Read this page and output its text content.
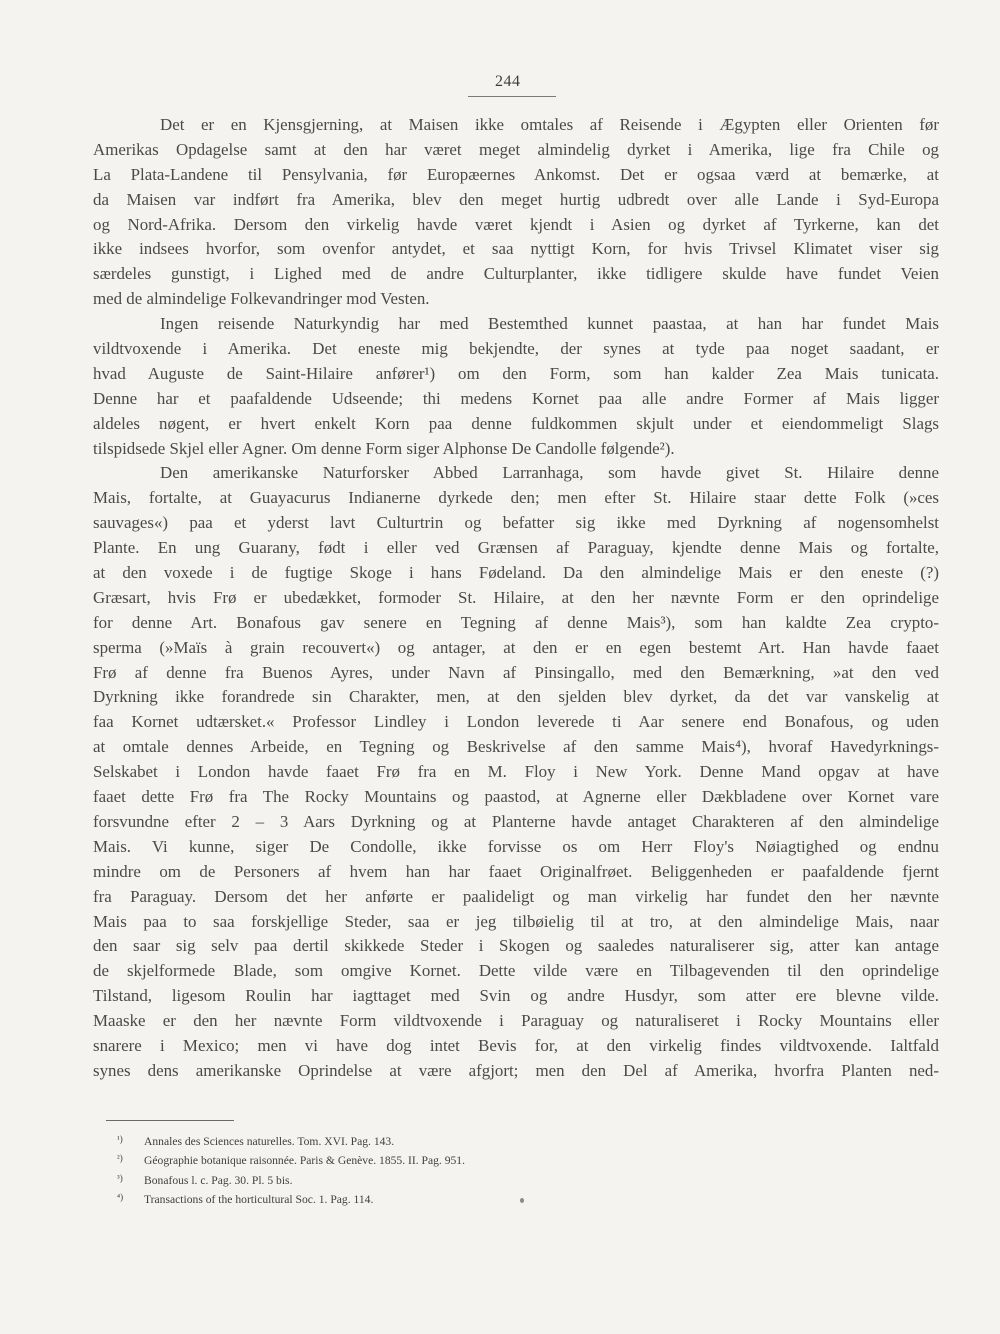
244
Det er en Kjensgjerning, at Maisen ikke omtales af Reisende i Ægypten eller Orienten før
Amerikas Opdagelse samt at den har været meget almindelig dyrket i Amerika, lige fra Chile og
La Plata-Landene til Pensylvania, før Europæernes Ankomst. Det er ogsaa værd at bemærke, at
da Maisen var indført fra Amerika, blev den meget hurtig udbredt over alle Lande i Syd-Europa
og Nord-Afrika. Dersom den virkelig havde været kjendt i Asien og dyrket af Tyrkerne, kan det
ikke indsees hvorfor, som ovenfor antydet, et saa nyttigt Korn, for hvis Trivsel Klimatet viser sig
særdeles gunstigt, i Lighed med de andre Culturplanter, ikke tidligere skulde have fundet Veien
med de almindelige Folkevandringer mod Vesten.
Ingen reisende Naturkyndig har med Bestemthed kunnet paastaa, at han har fundet Mais
vildtvoxende i Amerika. Det eneste mig bekjendte, der synes at tyde paa noget saadant, er
hvad Auguste de Saint-Hilaire anfører¹) om den Form, som han kalder Zea Mais tunicata.
Denne har et paafaldende Udseende; thi medens Kornet paa alle andre Former af Mais ligger
aldeles nøgent, er hvert enkelt Korn paa denne fuldkommen skjult under et eiendommeligt Slags
tilspidsede Skjel eller Agner. Om denne Form siger Alphonse De Candolle følgende²).
Den amerikanske Naturforsker Abbed Larranhaga, som havde givet St. Hilaire denne
Mais, fortalte, at Guayacurus Indianerne dyrkede den; men efter St. Hilaire staar dette Folk (»ces
sauvages«) paa et yderst lavt Culturtrin og befatter sig ikke med Dyrkning af nogensomhelst
Plante. En ung Guarany, født i eller ved Grænsen af Paraguay, kjendte denne Mais og fortalte,
at den voxede i de fugtige Skoge i hans Fødeland. Da den almindelige Mais er den eneste (?)
Græsart, hvis Frø er ubedækket, formoder St. Hilaire, at den her nævnte Form er den oprindelige
for denne Art. Bonafous gav senere en Tegning af denne Mais³), som han kaldte Zea crypto-
sperma (»Maïs à grain recouvert«) og antager, at den er en egen bestemt Art. Han havde faaet
Frø af denne fra Buenos Ayres, under Navn af Pinsingallo, med den Bemærkning, »at den ved
Dyrkning ikke forandrede sin Charakter, men, at den sjelden blev dyrket, da det var vanskelig at
faa Kornet udtærsket.« Professor Lindley i London leverede ti Aar senere end Bonafous, og uden
at omtale dennes Arbeide, en Tegning og Beskrivelse af den samme Mais⁴), hvoraf Havedyrknings-
Selskabet i London havde faaet Frø fra en M. Floy i New York. Denne Mand opgav at have
faaet dette Frø fra The Rocky Mountains og paastod, at Agnerne eller Dækbladene over Kornet vare
forsvundne efter 2 – 3 Aars Dyrkning og at Planterne havde antaget Charakteren af den almindelige
Mais. Vi kunne, siger De Condolle, ikke forvisse os om Herr Floy's Nøiagtighed og endnu
mindre om de Personers af hvem han har faaet Originalfrøet. Beliggenheden er paafaldende fjernt
fra Paraguay. Dersom det her anførte er paalideligt og man virkelig har fundet den her nævnte
Mais paa to saa forskjellige Steder, saa er jeg tilbøielig til at tro, at den almindelige Mais, naar
den saar sig selv paa dertil skikkede Steder i Skogen og saaledes naturaliserer sig, atter kan antage
de skjelformede Blade, som omgive Kornet. Dette vilde være en Tilbagevenden til den oprindelige
Tilstand, ligesom Roulin har iagttaget med Svin og andre Husdyr, som atter ere blevne vilde.
Maaske er den her nævnte Form vildtvoxende i Paraguay og naturaliseret i Rocky Mountains eller
snarere i Mexico; men vi have dog intet Bevis for, at den virkelig findes vildtvoxende. Ialtfald
synes dens amerikanske Oprindelse at være afgjort; men den Del af Amerika, hvorfra Planten ned-
¹) Annales des Sciences naturelles. Tom. XVI. Pag. 143.
²) Géographie botanique raisonnée. Paris & Genève. 1855. II. Pag. 951.
³) Bonafous l. c. Pag. 30. Pl. 5 bis.
⁴) Transactions of the horticultural Soc. 1. Pag. 114.
